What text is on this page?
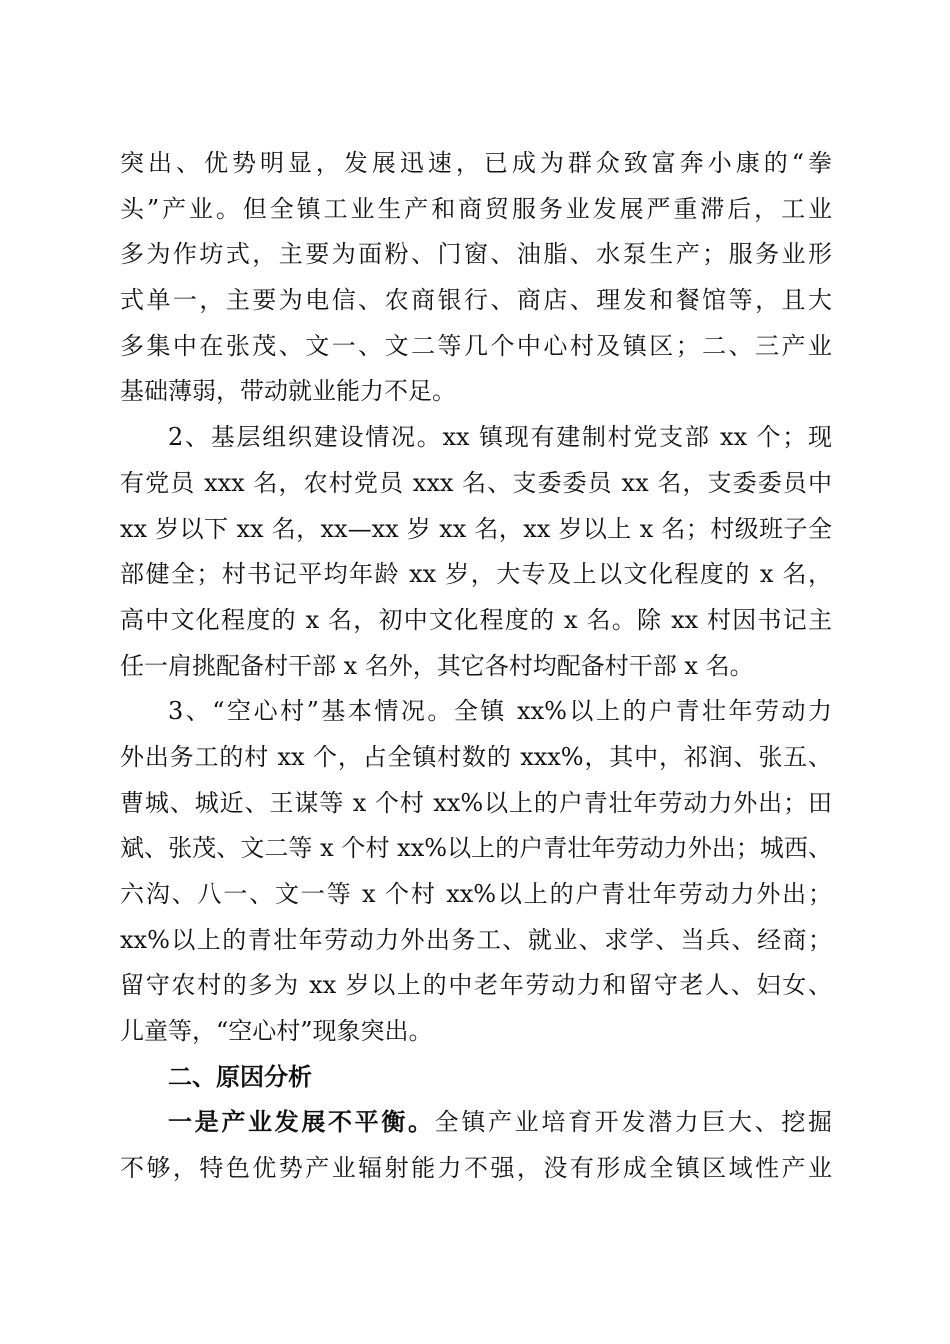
突出、优势明显，发展迅速，已成为群众致富奔小康的“拳
头”产业。但全镇工业生产和商贸服务业发展严重滞后，工业
多为作坊式，主要为面粉、门窗、油脂、水泵生产；服务业形
式单一，主要为电信、农商银行、商店、理发和餐馆等，且大
多集中在张茂、文一、文二等几个中心村及镇区；二、三产业
基础薄弱，带动就业能力不足。
2、基层组织建设情况。xx 镇现有建制村党支部 xx 个；现
有党员 xxx 名，农村党员 xxx 名、支委委员 xx 名，支委委员中
xx 岁以下 xx 名，xx—xx 岁 xx 名，xx 岁以上 x 名；村级班子全
部健全；村书记平均年龄 xx 岁，大专及上以文化程度的 x 名，
高中文化程度的 x 名，初中文化程度的 x 名。除 xx 村因书记主
任一肩挑配备村干部 x 名外，其它各村均配备村干部 x 名。
3、“空心村”基本情况。全镇 xx%以上的户青壮年劳动力
外出务工的村 xx 个，占全镇村数的 xxx%，其中，祁润、张五、
曹城、城近、王谋等 x 个村 xx%以上的户青壮年劳动力外出；田
斌、张茂、文二等 x 个村 xx%以上的户青壮年劳动力外出；城西、
六沟、八一、文一等 x 个村 xx%以上的户青壮年劳动力外出；
xx%以上的青壮年劳动力外出务工、就业、求学、当兵、经商；
留守农村的多为 xx 岁以上的中老年劳动力和留守老人、妇女、
儿童等，“空心村”现象突出。
二、原因分析
一是产业发展不平衡。全镇产业培育开发潜力巨大、挖掘
不够，特色优势产业辐射能力不强，没有形成全镇区域性产业
